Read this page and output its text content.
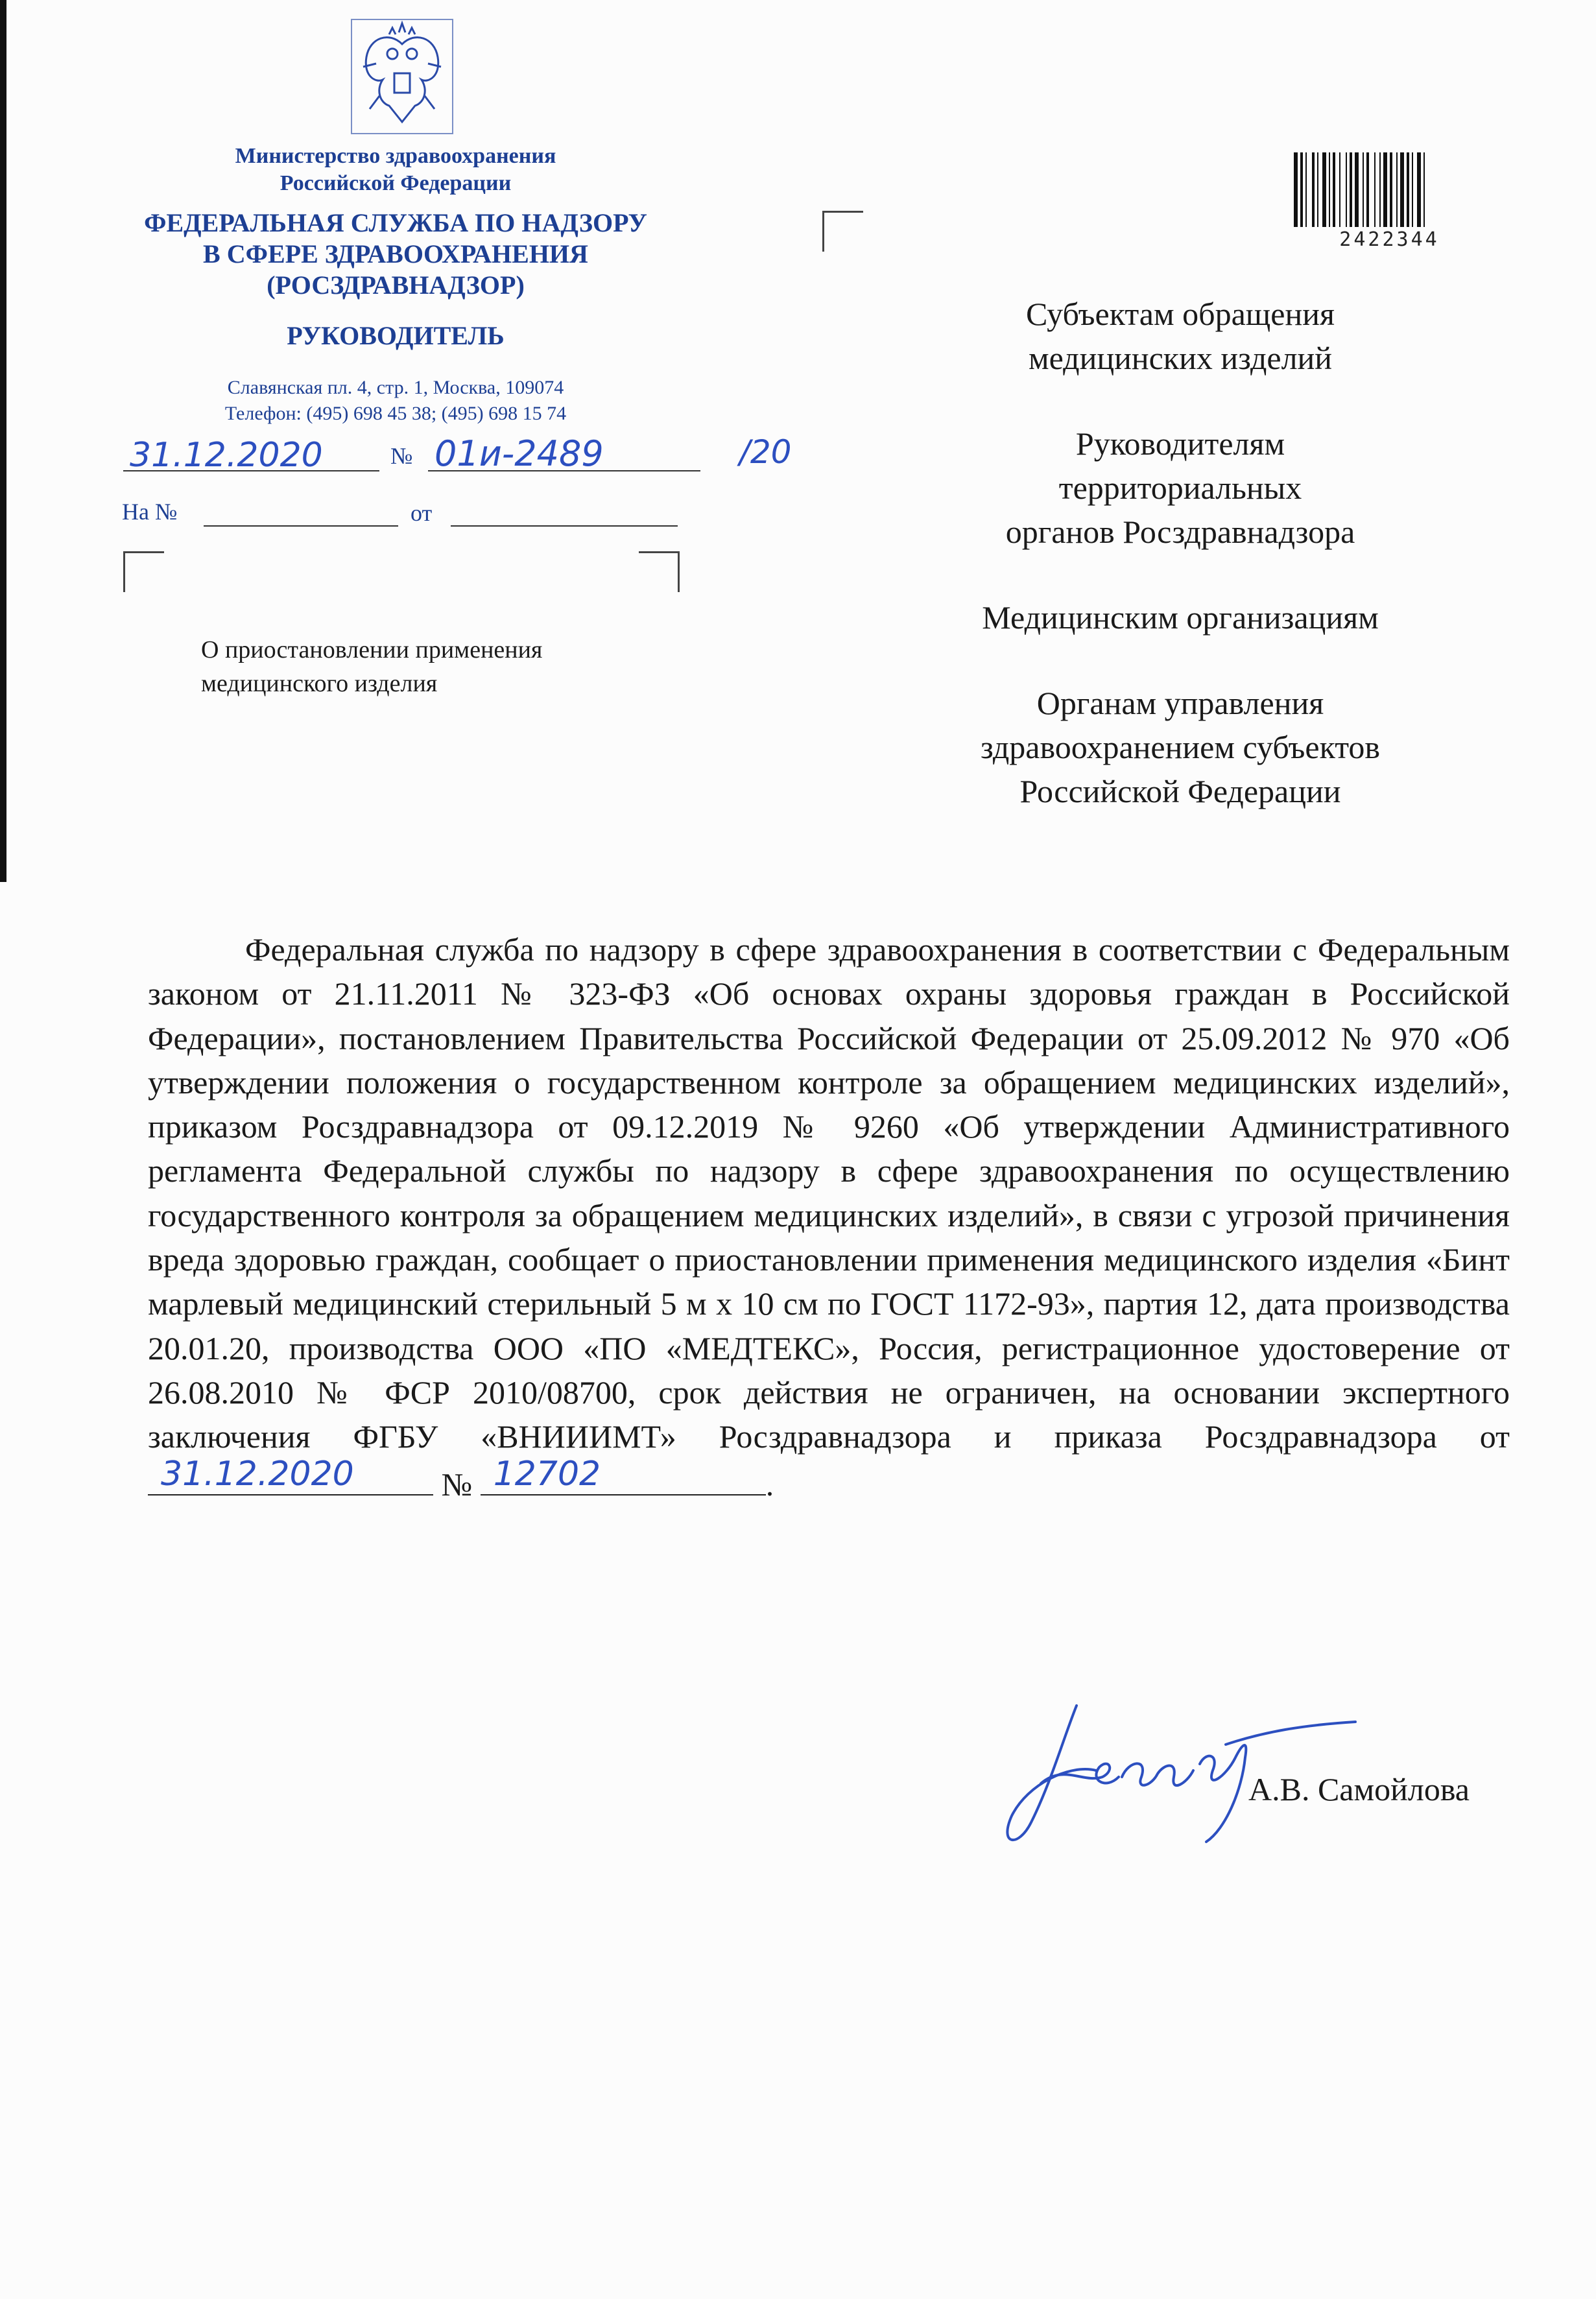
Министерство здравоохранения
Российской Федерации
ФЕДЕРАЛЬНАЯ СЛУЖБА ПО НАДЗОРУ
В СФЕРЕ ЗДРАВООХРАНЕНИЯ
(РОСЗДРАВНАДЗОР)
РУКОВОДИТЕЛЬ
Славянская пл. 4, стр. 1, Москва, 109074
Телефон: (495) 698 45 38; (495) 698 15 74
31.12.2020	№ 01и-2489	/20
На №	от
О приостановлении применения
медицинского изделия
2422344
Субъектам обращения
медицинских изделий
Руководителям
территориальных
органов Росздравнадзора
Медицинским организациям
Органам управления
здравоохранением субъектов
Российской Федерации
Федеральная служба по надзору в сфере здравоохранения в соответствии с Федеральным законом от 21.11.2011 № 323-ФЗ «Об основах охраны здоровья граждан в Российской Федерации», постановлением Правительства Российской Федерации от 25.09.2012 № 970 «Об утверждении положения о государственном контроле за обращением медицинских изделий», приказом Росздравнадзора от 09.12.2019 № 9260 «Об утверждении Административного регламента Федеральной службы по надзору в сфере здравоохранения по осуществлению государственного контроля за обращением медицинских изделий», в связи с угрозой причинения вреда здоровью граждан, сообщает о приостановлении применения медицинского изделия «Бинт марлевый медицинский стерильный 5 м х 10 см по ГОСТ 1172-93», партия 12, дата производства 20.01.20, производства ООО «ПО «МЕДТЕКС», Россия, регистрационное удостоверение от 26.08.2010 № ФСР 2010/08700, срок действия не ограничен, на основании экспертного заключения ФГБУ «ВНИИИМТ» Росздравнадзора и приказа Росздравнадзора от
31.12.2020	№ 12702	.
А.В. Самойлова
